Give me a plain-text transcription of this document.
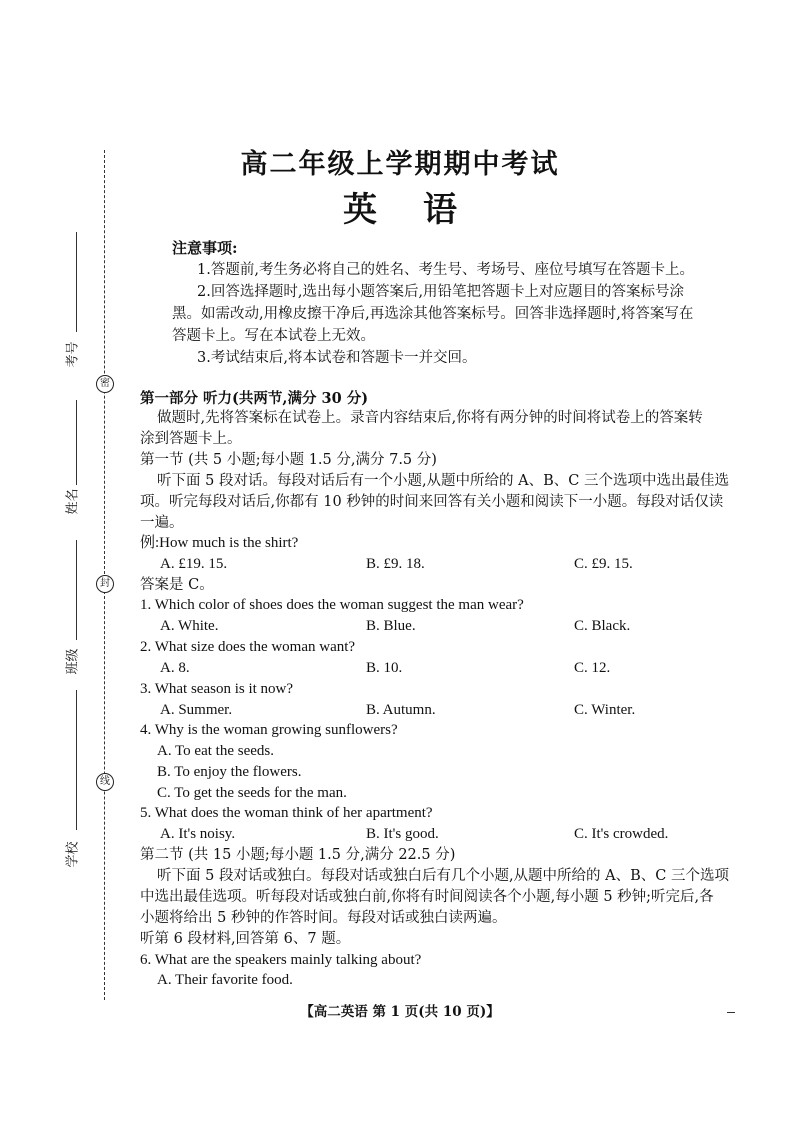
密
封
线
考号
姓名
班级
学校
高二年级上学期期中考试
英语
注意事项:
1.答题前,考生务必将自己的姓名、考生号、考场号、座位号填写在答题卡上。
2.回答选择题时,选出每小题答案后,用铅笔把答题卡上对应题目的答案标号涂
黑。如需改动,用橡皮擦干净后,再选涂其他答案标号。回答非选择题时,将答案写在
答题卡上。写在本试卷上无效。
3.考试结束后,将本试卷和答题卡一并交回。
第一部分 听力(共两节,满分 30 分)
做题时,先将答案标在试卷上。录音内容结束后,你将有两分钟的时间将试卷上的答案转
涂到答题卡上。
第一节 (共 5 小题;每小题 1.5 分,满分 7.5 分)
听下面 5 段对话。每段对话后有一个小题,从题中所给的 A、B、C 三个选项中选出最佳选
项。听完每段对话后,你都有 10 秒钟的时间来回答有关小题和阅读下一小题。每段对话仅读
一遍。
例:How much is the shirt?
A. £19. 15.	B. £9. 18.	C. £9. 15.
答案是 C。
1. Which color of shoes does the woman suggest the man wear?
A. White.	B. Blue.	C. Black.
2. What size does the woman want?
A. 8.	B. 10.	C. 12.
3. What season is it now?
A. Summer.	B. Autumn.	C. Winter.
4. Why is the woman growing sunflowers?
A. To eat the seeds.
B. To enjoy the flowers.
C. To get the seeds for the man.
5. What does the woman think of her apartment?
A. It's noisy.	B. It's good.	C. It's crowded.
第二节 (共 15 小题;每小题 1.5 分,满分 22.5 分)
听下面 5 段对话或独白。每段对话或独白后有几个小题,从题中所给的 A、B、C 三个选项
中选出最佳选项。听每段对话或独白前,你将有时间阅读各个小题,每小题 5 秒钟;听完后,各
小题将给出 5 秒钟的作答时间。每段对话或独白读两遍。
听第 6 段材料,回答第 6、7 题。
6. What are the speakers mainly talking about?
A. Their favorite food.
【高二英语 第 1 页(共 10 页)】
